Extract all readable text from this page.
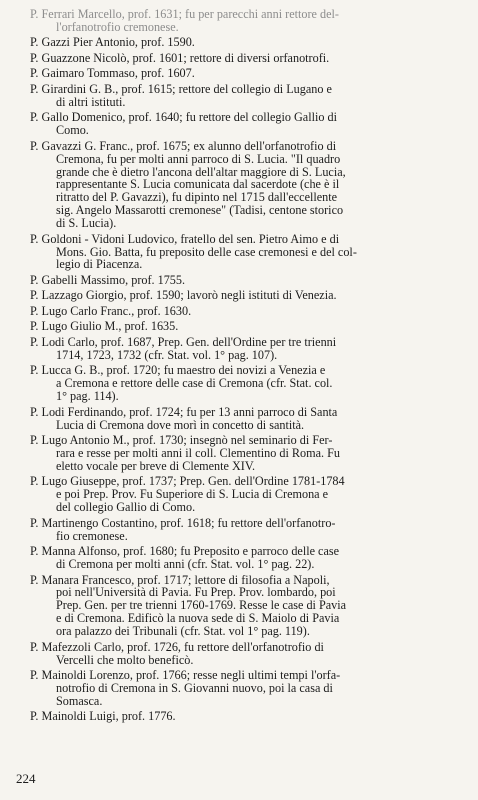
P. Ferrari Marcello, prof. 1631; fu per parecchi anni rettore del-
l'orfanotrofio cremonese.
P. Gazzi Pier Antonio, prof. 1590.
P. Guazzone Nicolò, prof. 1601; rettore di diversi orfanotrofi.
P. Gaimaro Tommaso, prof. 1607.
P. Girardini G. B., prof. 1615; rettore del collegio di Lugano e
di altri istituti.
P. Gallo Domenico, prof. 1640; fu rettore del collegio Gallio di
Como.
P. Gavazzi G. Franc., prof. 1675; ex alunno dell'orfanotrofio di
Cremona, fu per molti anni parroco di S. Lucia. "Il quadro
grande che è dietro l'ancona dell'altar maggiore di S. Lucia,
rappresentante S. Lucia comunicata dal sacerdote (che è il
ritratto del P. Gavazzi), fu dipinto nel 1715 dall'eccellente
sig. Angelo Massarotti cremonese" (Tadisi, centone storico
di S. Lucia).
P. Goldoni - Vidoni Ludovico, fratello del sen. Pietro Aimo e di
Mons. Gio. Batta, fu preposito delle case cremonesi e del col-
legio di Piacenza.
P. Gabelli Massimo, prof. 1755.
P. Lazzago Giorgio, prof. 1590; lavorò negli istituti di Venezia.
P. Lugo Carlo Franc., prof. 1630.
P. Lugo Giulio M., prof. 1635.
P. Lodi Carlo, prof. 1687, Prep. Gen. dell'Ordine per tre trienni
1714, 1723, 1732 (cfr. Stat. vol. 1° pag. 107).
P. Lucca G. B., prof. 1720; fu maestro dei novizi a Venezia e
a Cremona e rettore delle case di Cremona (cfr. Stat. col.
1° pag. 114).
P. Lodi Ferdinando, prof. 1724; fu per 13 anni parroco di Santa
Lucia di Cremona dove morì in concetto di santità.
P. Lugo Antonio M., prof. 1730; insegnò nel seminario di Fer-
rara e resse per molti anni il coll. Clementino di Roma. Fu
eletto vocale per breve di Clemente XIV.
P. Lugo Giuseppe, prof. 1737; Prep. Gen. dell'Ordine 1781-1784
e poi Prep. Prov. Fu Superiore di S. Lucia di Cremona e
del collegio Gallio di Como.
P. Martinengo Costantino, prof. 1618; fu rettore dell'orfanotro-
fio cremonese.
P. Manna Alfonso, prof. 1680; fu Preposito e parroco delle case
di Cremona per molti anni (cfr. Stat. vol. 1° pag. 22).
P. Manara Francesco, prof. 1717; lettore di filosofia a Napoli,
poi nell'Università di Pavia. Fu Prep. Prov. lombardo, poi
Prep. Gen. per tre trienni 1760-1769. Resse le case di Pavia
e di Cremona. Edificò la nuova sede di S. Maiolo di Pavia
ora palazzo dei Tribunali (cfr. Stat. vol 1° pag. 119).
P. Mafezzoli Carlo, prof. 1726, fu rettore dell'orfanotrofio di
Vercelli che molto beneficò.
P. Mainoldi Lorenzo, prof. 1766; resse negli ultimi tempi l'orfa-
notrofio di Cremona in S. Giovanni nuovo, poi la casa di
Somasca.
P. Mainoldi Luigi, prof. 1776.
224
